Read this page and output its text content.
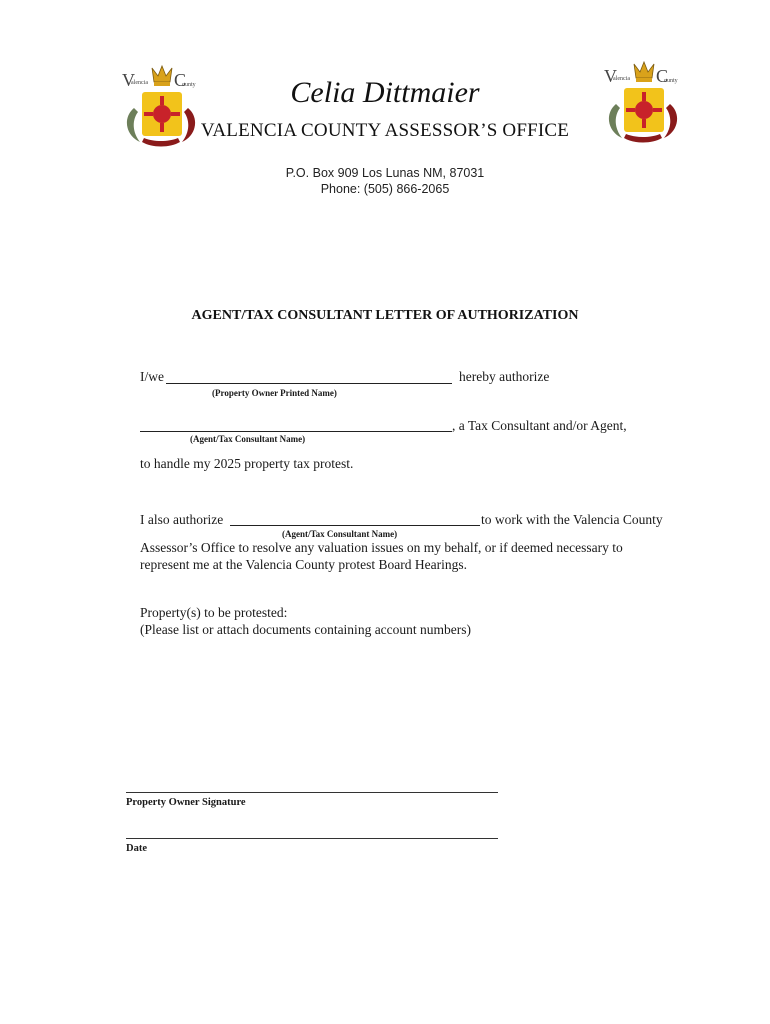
V
alencia C
ounty	V
alencia C
ounty
Celia Dittmaier
VALENCIA COUNTY ASSESSOR’S OFFICE
P.O. Box 909 Los Lunas NM, 87031
Phone: (505) 866-2065
AGENT/TAX CONSULTANT LETTER OF AUTHORIZATION
I/we	hereby authorize
(Property Owner Printed Name)
, a Tax Consultant and/or Agent,
(Agent/Tax Consultant Name)
to handle my 2025 property tax protest.
I also authorize	to work with the Valencia County
(Agent/Tax Consultant Name)
Assessor’s Office to resolve any valuation issues on my behalf, or if deemed necessary to
represent me at the Valencia County protest Board Hearings.
Property(s) to be protested:
(Please list or attach documents containing account numbers)
Property Owner Signature
Date
